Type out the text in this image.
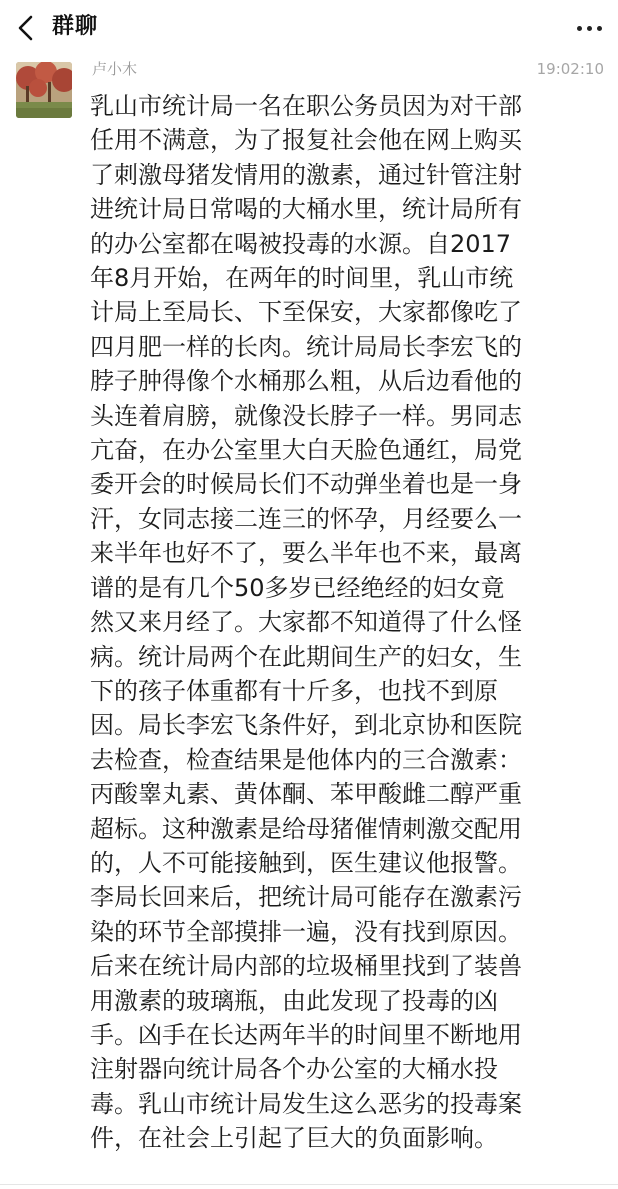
群聊
卢小木	19:02:10

乳山市统计局一名在职公务员因为对干部
任用不满意，为了报复社会他在网上购买
了刺激母猪发情用的激素，通过针管注射
进统计局日常喝的大桶水里，统计局所有
的办公室都在喝被投毒的水源。自2017
年8月开始，在两年的时间里，乳山市统
计局上至局长、下至保安，大家都像吃了
四月肥一样的长肉。统计局局长李宏飞的
脖子肿得像个水桶那么粗，从后边看他的
头连着肩膀，就像没长脖子一样。男同志
亢奋，在办公室里大白天脸色通红，局党
委开会的时候局长们不动弹坐着也是一身
汗，女同志接二连三的怀孕，月经要么一
来半年也好不了，要么半年也不来，最离
谱的是有几个50多岁已经绝经的妇女竟
然又来月经了。大家都不知道得了什么怪
病。统计局两个在此期间生产的妇女，生
下的孩子体重都有十斤多，也找不到原
因。局长李宏飞条件好，到北京协和医院
去检查，检查结果是他体内的三合激素：
丙酸睾丸素、黄体酮、苯甲酸雌二醇严重
超标。这种激素是给母猪催情刺激交配用
的，人不可能接触到，医生建议他报警。
李局长回来后，把统计局可能存在激素污
染的环节全部摸排一遍，没有找到原因。
后来在统计局内部的垃圾桶里找到了装兽
用激素的玻璃瓶，由此发现了投毒的凶
手。凶手在长达两年半的时间里不断地用
注射器向统计局各个办公室的大桶水投
毒。乳山市统计局发生这么恶劣的投毒案
件，在社会上引起了巨大的负面影响。
